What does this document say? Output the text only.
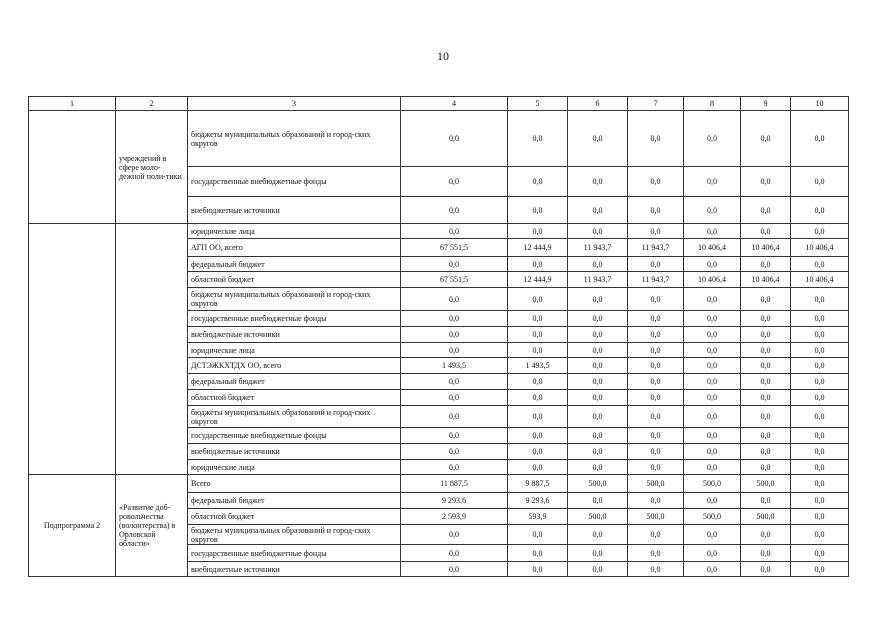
10
1	2	3	4	5	6	7	8	9	10
	учреждений в сфере моло-дежной поли-тики	бюджеты муниципальных образований и город-ских округов	0,0	0,0	0,0	0,0	0,0	0,0	0,0
		государственные внебюджетные фонды	0,0	0,0	0,0	0,0	0,0	0,0	0,0
		внебюджетные источники	0,0	0,0	0,0	0,0	0,0	0,0	0,0
		юридические лица	0,0	0,0	0,0	0,0	0,0	0,0	0,0
		АГП ОО, всего	67 551,5	12 444,9	11 943,7	11 943,7	10 406,4	10 406,4	10 406,4
		федеральный бюджет	0,0	0,0	0,0	0,0	0,0	0,0	0,0
		областной бюджет	67 551,5	12 444,9	11 943,7	11 943,7	10 406,4	10 406,4	10 406,4
		бюджеты муниципальных образований и город-ских округов	0,0	0,0	0,0	0,0	0,0	0,0	0,0
		государственные внебюджетные фонды	0,0	0,0	0,0	0,0	0,0	0,0	0,0
		внебюджетные источники	0,0	0,0	0,0	0,0	0,0	0,0	0,0
		юридические лица	0,0	0,0	0,0	0,0	0,0	0,0	0,0
		ДСТЭЖКХТДХ ОО, всего	1 493,5	1 493,5	0,0	0,0	0,0	0,0	0,0
		федеральный бюджет	0,0	0,0	0,0	0,0	0,0	0,0	0,0
		областной бюджет	0,0	0,0	0,0	0,0	0,0	0,0	0,0
		бюджеты муниципальных образований и город-ских округов	0,0	0,0	0,0	0,0	0,0	0,0	0,0
		государственные внебюджетные фонды	0,0	0,0	0,0	0,0	0,0	0,0	0,0
		внебюджетные источники	0,0	0,0	0,0	0,0	0,0	0,0	0,0
		юридические лица	0,0	0,0	0,0	0,0	0,0	0,0	0,0
Подпрограмма 2	«Развитие доб-ровольчества (волонтерства) в Орловской области»	Всего	11 887,5	9 887,5	500,0	500,0	500,0	500,0	0,0
		федеральный бюджет	9 293,6	9 293,6	0,0	0,0	0,0	0,0	0,0
		областной бюджет	2 593,9	593,9	500,0	500,0	500,0	500,0	0,0
		бюджеты муниципальных образований и город-ских округов	0,0	0,0	0,0	0,0	0,0	0,0	0,0
		государственные внебюджетные фонды	0,0	0,0	0,0	0,0	0,0	0,0	0,0
		внебюджетные источники	0,0	0,0	0,0	0,0	0,0	0,0	0,0
